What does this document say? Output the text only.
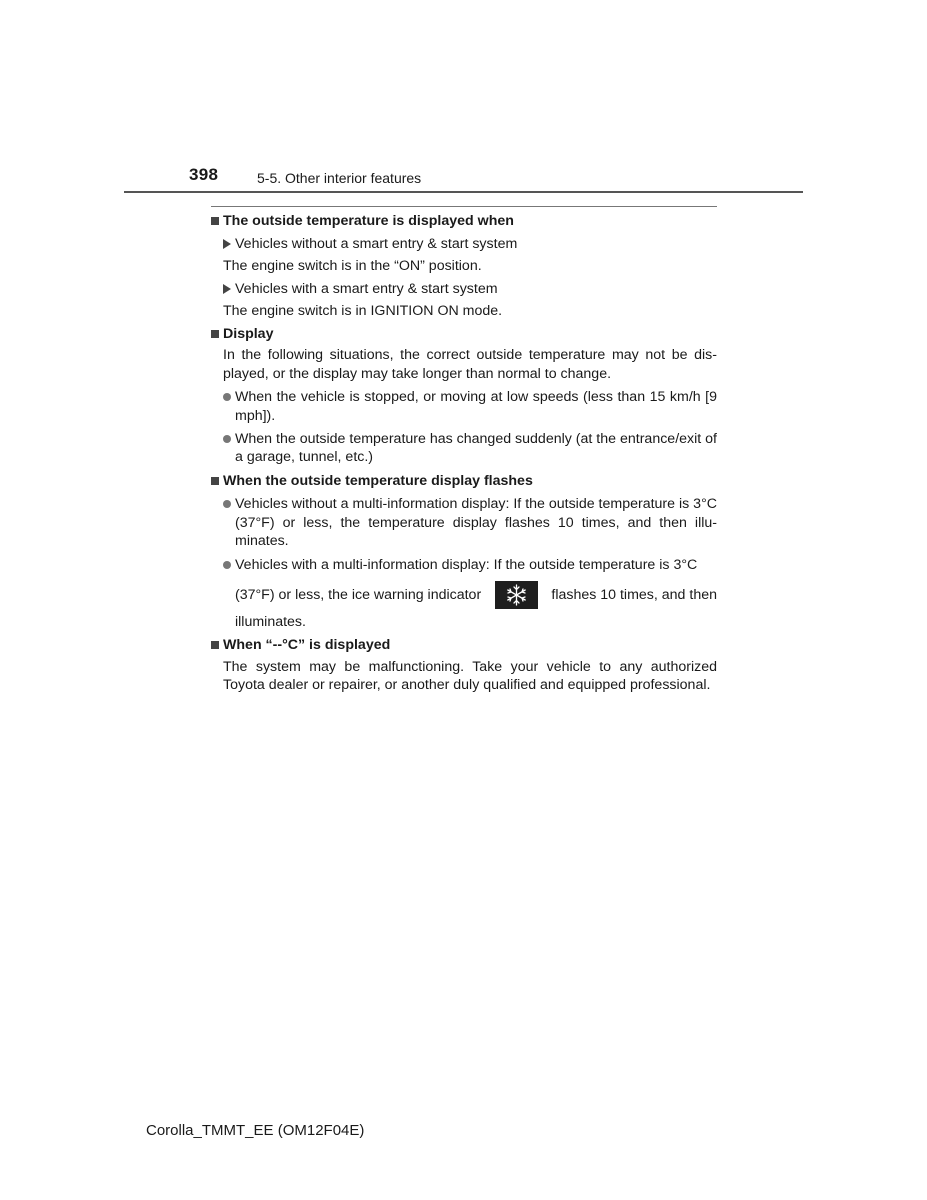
398	5-5. Other interior features
The outside temperature is displayed when
Vehicles without a smart entry & start system
The engine switch is in the “ON” position.
Vehicles with a smart entry & start system
The engine switch is in IGNITION ON mode.
Display
In the following situations, the correct outside temperature may not be dis-played, or the display may take longer than normal to change.
When the vehicle is stopped, or moving at low speeds (less than 15 km/h [9 mph]).
When the outside temperature has changed suddenly (at the entrance/exit of a garage, tunnel, etc.)
When the outside temperature display flashes
Vehicles without a multi-information display: If the outside temperature is 3°C (37°F) or less, the temperature display flashes 10 times, and then illu-minates.
Vehicles with a multi-information display: If the outside temperature is 3°C
(37°F) or less, the ice warning indicator	flashes 10 times, and then
illuminates.
When “--°C” is displayed
The system may be malfunctioning. Take your vehicle to any authorized Toyota dealer or repairer, or another duly qualified and equipped professional.
Corolla_TMMT_EE (OM12F04E)
